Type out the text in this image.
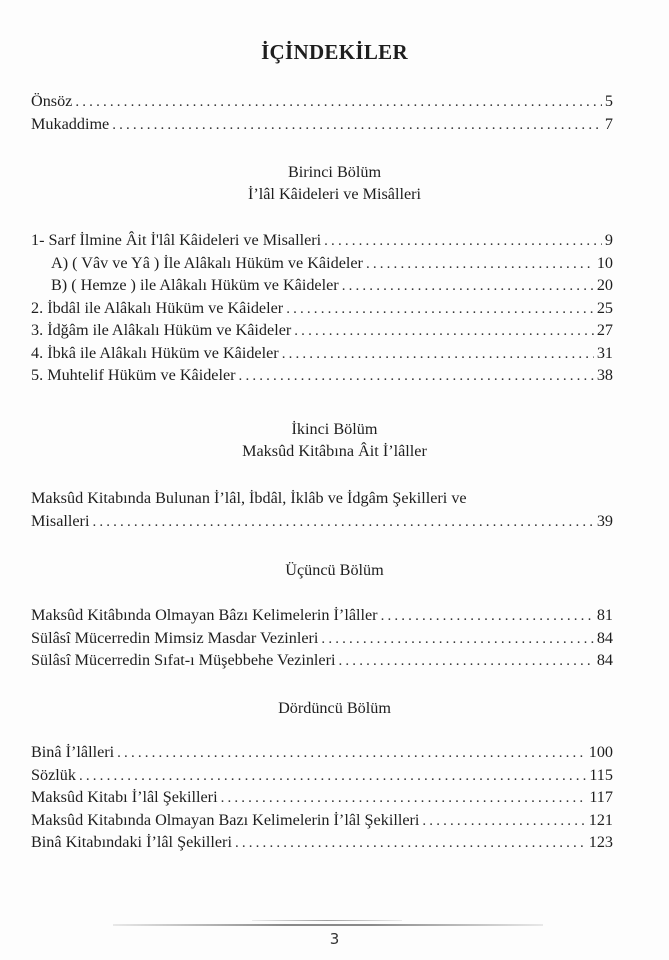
İÇİNDEKİLER
Önsöz . . .	5
Mukaddime . . .	7
Birinci Bölüm
İ’lâl Kâideleri ve Misâlleri
1- Sarf İlmine Âit İ'lâl Kâideleri ve Misalleri . . .	9
A) ( Vâv ve Yâ ) İle Alâkalı Hüküm ve Kâideler . . .	10
B) ( Hemze ) ile Alâkalı Hüküm ve Kâideler . . .	20
2. İbdâl ile Alâkalı Hüküm ve Kâideler . . .	25
3. İdğâm ile Alâkalı Hüküm ve Kâideler . . .	27
4. İbkâ ile Alâkalı Hüküm ve Kâideler . . .	31
5. Muhtelif Hüküm ve Kâideler . . .	38
İkinci Bölüm
Maksûd Kitâbına Âit İ’lâller
Maksûd Kitabında Bulunan İ’lâl, İbdâl, İklâb ve İdgâm Şekilleri ve
Misalleri . . .	39
Üçüncü Bölüm
Maksûd Kitâbında Olmayan Bâzı Kelimelerin İ’lâller . . .	81
Sülâsî Mücerredin Mimsiz Masdar Vezinleri . . .	84
Sülâsî Mücerredin Sıfat-ı Müşebbehe Vezinleri . . .	84
Dördüncü Bölüm
Binâ İ’lâlleri . . .	100
Sözlük . . .	115
Maksûd Kitabı İ’lâl Şekilleri . . .	117
Maksûd Kitabında Olmayan Bazı Kelimelerin İ’lâl Şekilleri . . .	121
Binâ Kitabındaki İ’lâl Şekilleri . . .	123
3
